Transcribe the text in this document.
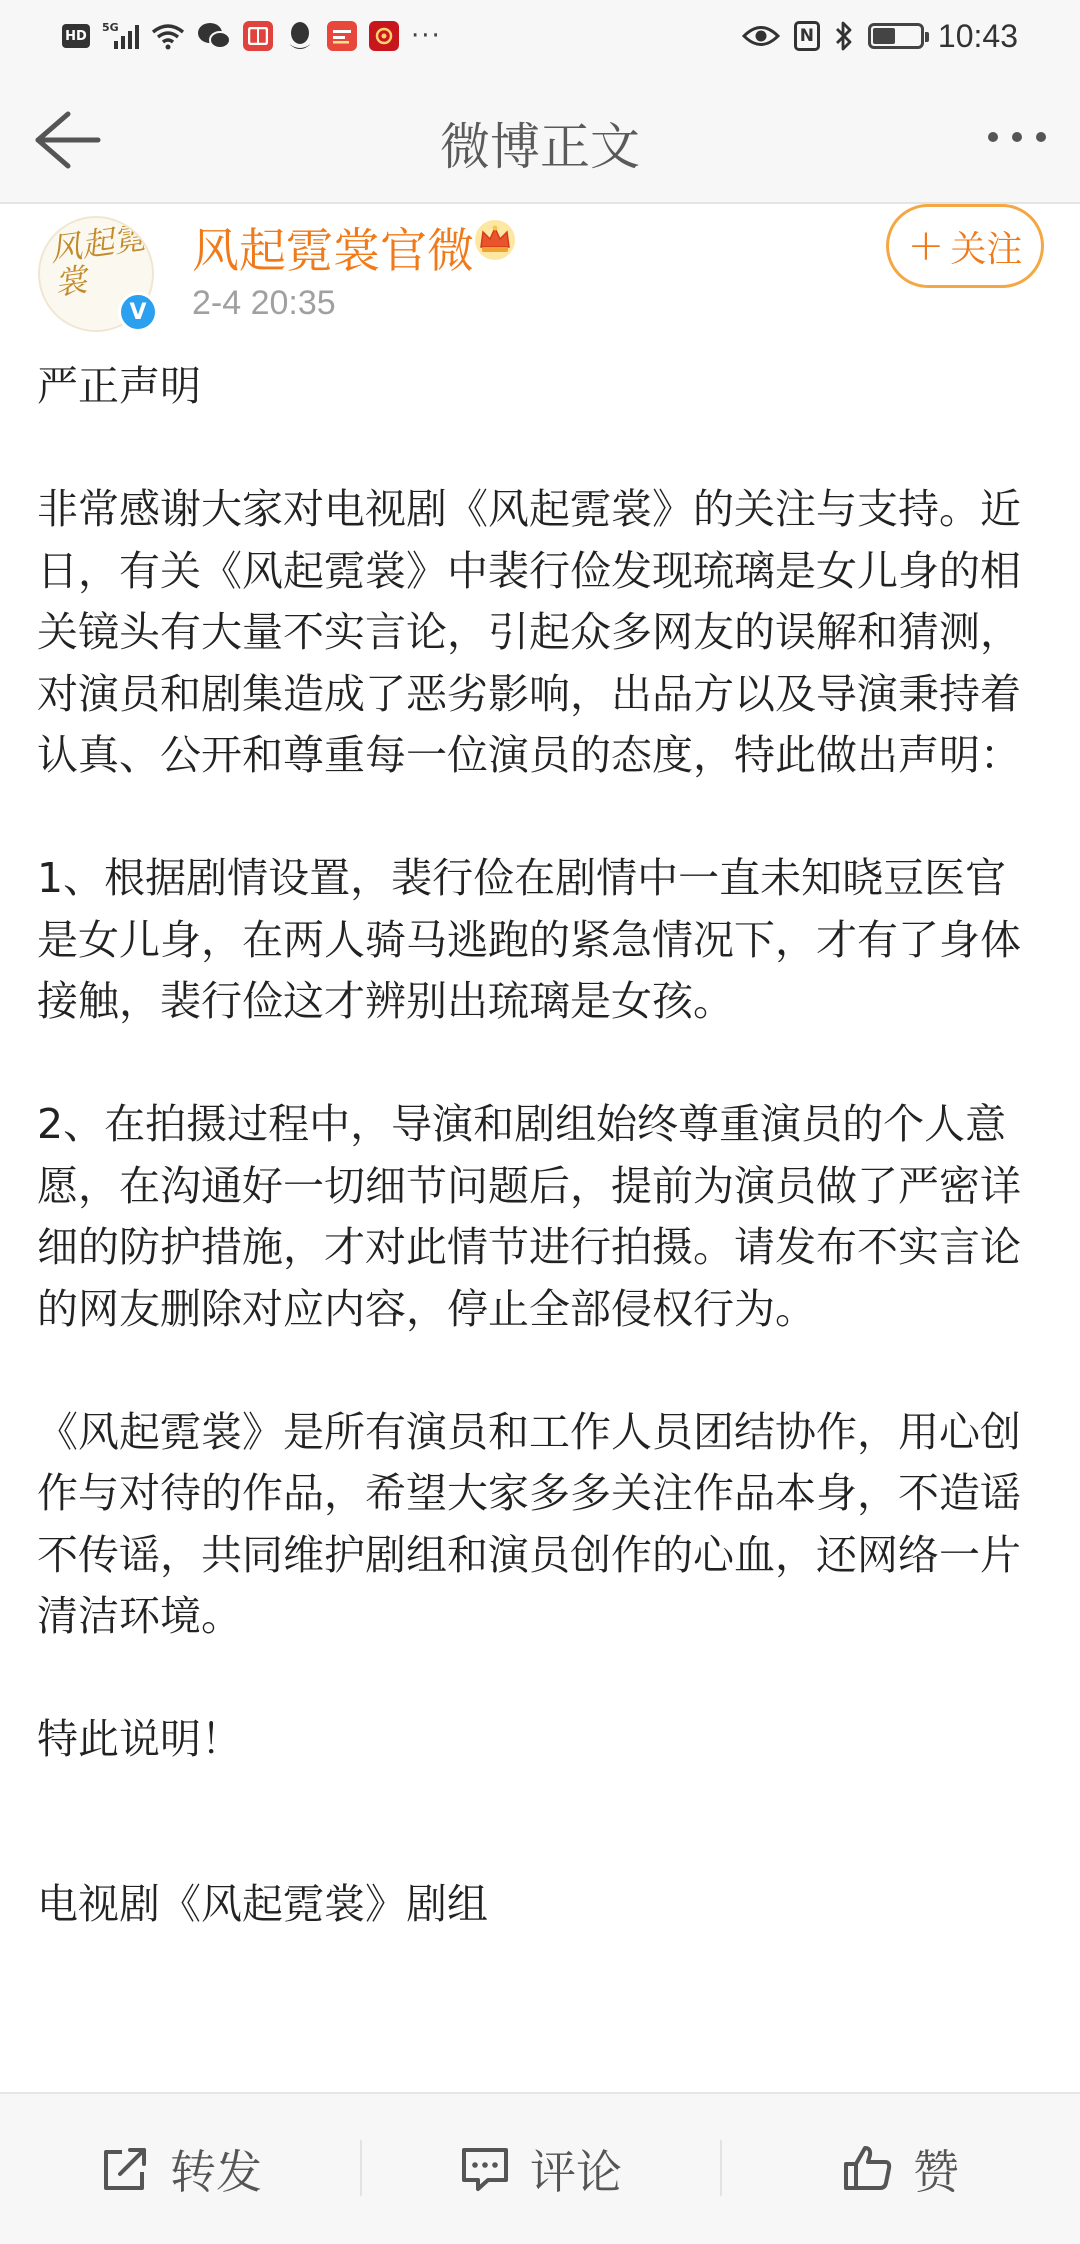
HD
5G	···	N	10:43
微博正文
风起霓裳
V
风起霓裳官微
2-4 20:35
+ 关注

严正声明

非常感谢大家对电视剧《风起霓裳》的关注与支持。近日，有关《风起霓裳》中裴行俭发现琉璃是女儿身的相关镜头有大量不实言论，引起众多网友的误解和猜测，对演员和剧集造成了恶劣影响，出品方以及导演秉持着认真、公开和尊重每一位演员的态度，特此做出声明：

1、根据剧情设置，裴行俭在剧情中一直未知晓豆医官是女儿身，在两人骑马逃跑的紧急情况下，才有了身体接触，裴行俭这才辨别出琉璃是女孩。

2、在拍摄过程中，导演和剧组始终尊重演员的个人意愿，在沟通好一切细节问题后，提前为演员做了严密详细的防护措施，才对此情节进行拍摄。请发布不实言论的网友删除对应内容，停止全部侵权行为。

《风起霓裳》是所有演员和工作人员团结协作，用心创作与对待的作品，希望大家多多关注作品本身，不造谣不传谣，共同维护剧组和演员创作的心血，还网络一片清洁环境。

特此说明！

电视剧《风起霓裳》剧组

转发	评论	赞
